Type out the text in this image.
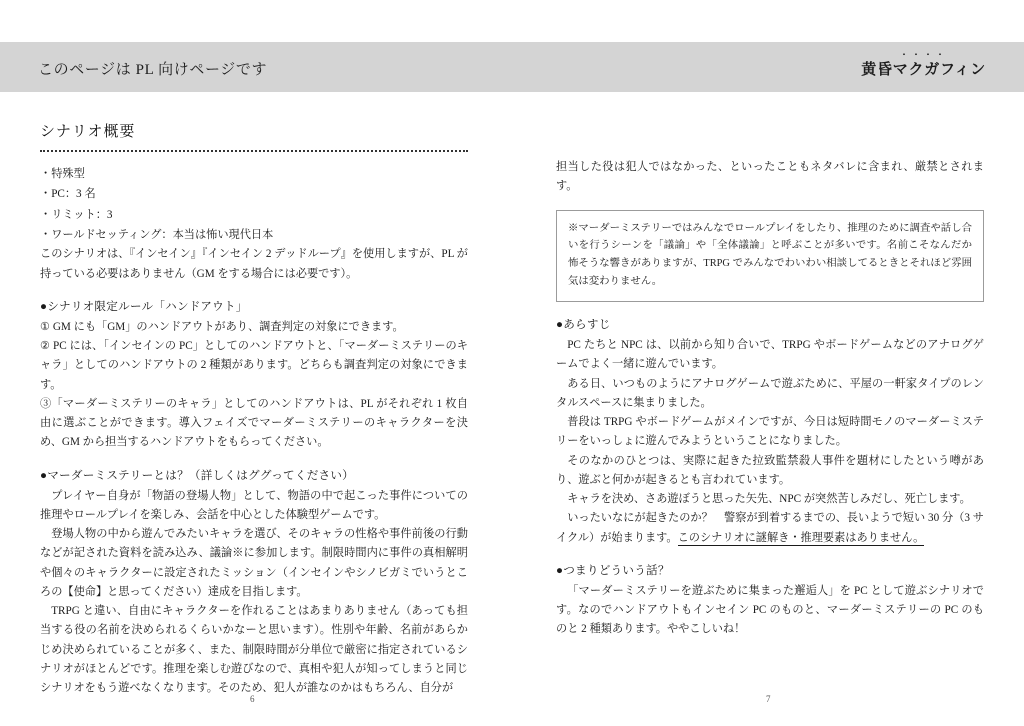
このページは PL 向けページです
・・・・
黄昏マクガフィン
シナリオ概要

・特殊型

・PC：3 名

・リミット：3

・ワールドセッティング：本当は怖い現代日本

このシナリオは、『インセイン』『インセイン 2 デッドループ』を使用しますが、PL が持っている必要はありません（GM をする場合には必要です）。

●シナリオ限定ルール「ハンドアウト」

① GM にも「GM」のハンドアウトがあり、調査判定の対象にできます。

② PC には、「インセインの PC」としてのハンドアウトと、「マーダーミステリーのキャラ」としてのハンドアウトの 2 種類があります。どちらも調査判定の対象にできます。

③「マーダーミステリーのキャラ」としてのハンドアウトは、PL がそれぞれ 1 枚自由に選ぶことができます。導入フェイズでマーダーミステリーのキャラクターを決め、GM から担当するハンドアウトをもらってください。

●マーダーミステリーとは？（詳しくはググってください）

プレイヤー自身が「物語の登場人物」として、物語の中で起こった事件についての推理やロールプレイを楽しみ、会話を中心とした体験型ゲームです。

登場人物の中から遊んでみたいキャラを選び、そのキャラの性格や事件前後の行動などが記された資料を読み込み、議論※に参加します。制限時間内に事件の真相解明や個々のキャラクターに設定されたミッション（インセインやシノビガミでいうところの【使命】と思ってください）達成を目指します。

TRPG と違い、自由にキャラクターを作れることはあまりありません（あっても担当する役の名前を決められるくらいかなーと思います）。性別や年齢、名前があらかじめ決められていることが多く、また、制限時間が分単位で厳密に指定されているシナリオがほとんどです。推理を楽しむ遊びなので、真相や犯人が知ってしまうと同じシナリオをもう遊べなくなります。そのため、犯人が誰なのかはもちろん、自分が

担当した役は犯人ではなかった、といったこともネタバレに含まれ、厳禁とされます。

※マーダーミステリーではみんなでロールプレイをしたり、推理のために調査や話し合いを行うシーンを「議論」や「全体議論」と呼ぶことが多いです。名前こそなんだか怖そうな響きがありますが、TRPG でみんなでわいわい相談してるときとそれほど雰囲気は変わりません。

●あらすじ

PC たちと NPC は、以前から知り合いで、TRPG やボードゲームなどのアナログゲームでよく一緒に遊んでいます。

ある日、いつものようにアナログゲームで遊ぶために、平屋の一軒家タイプのレンタルスペースに集まりました。

普段は TRPG やボードゲームがメインですが、今日は短時間モノのマーダーミステリーをいっしょに遊んでみようということになりました。

そのなかのひとつは、実際に起きた拉致監禁殺人事件を題材にしたという噂があり、遊ぶと何かが起きるとも言われています。

キャラを決め、さあ遊ぼうと思った矢先、NPC が突然苦しみだし、死亡します。

いったいなにが起きたのか？　警察が到着するまでの、長いようで短い 30 分（3 サイクル）が始まります。このシナリオに謎解き・推理要素はありません。

●つまりどういう話？

「マーダーミステリーを遊ぶために集まった邂逅人」を PC として遊ぶシナリオです。なのでハンドアウトもインセイン PC のものと、マーダーミステリーの PC のものと 2 種類あります。ややこしいね！

6	7
